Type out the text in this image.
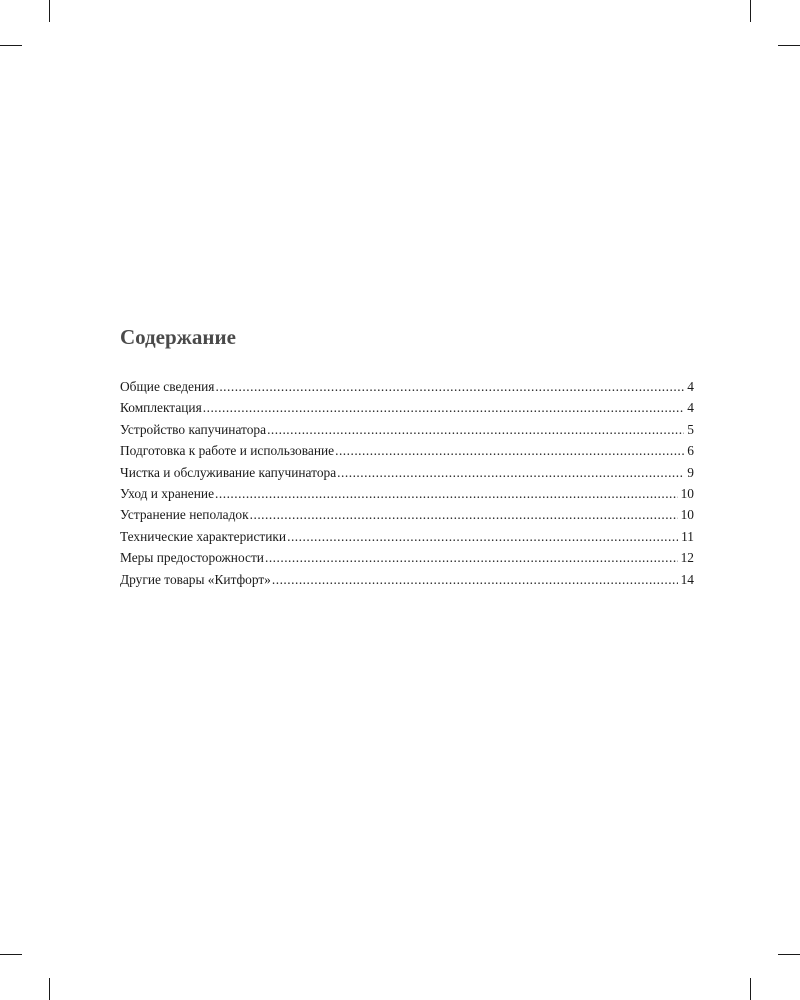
Содержание
Общие сведения .....	4
Комплектация .....	4
Устройство капучинатора .....	5
Подготовка к работе и использование .....	6
Чистка и обслуживание капучинатора .....	9
Уход и хранение .....	10
Устранение неполадок .....	10
Технические характеристики .....	11
Меры предосторожности .....	12
Другие товары «Китфорт» .....	14
